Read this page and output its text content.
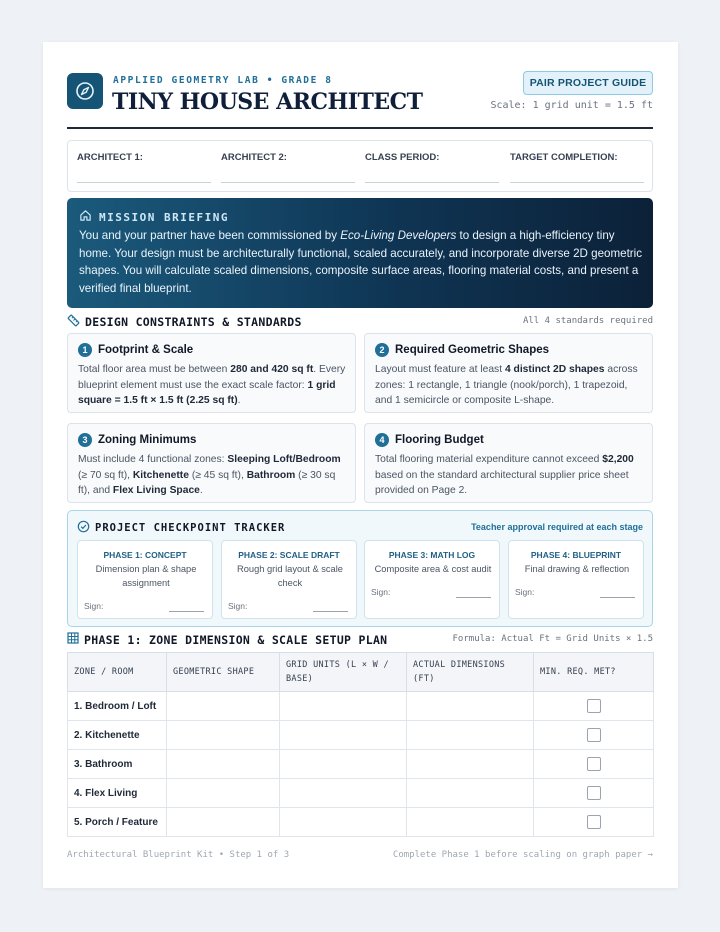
APPLIED GEOMETRY LAB • GRADE 8
TINY HOUSE ARCHITECT
PAIR PROJECT GUIDE
Scale: 1 grid unit = 1.5 ft
ARCHITECT 1:	ARCHITECT 2:	CLASS PERIOD:	TARGET COMPLETION:
MISSION BRIEFING
You and your partner have been commissioned by Eco-Living Developers to design a high-efficiency tiny home. Your design must be architecturally functional, scaled accurately, and incorporate diverse 2D geometric shapes. You will calculate scaled dimensions, composite surface areas, flooring material costs, and present a verified final blueprint.
DESIGN CONSTRAINTS & STANDARDS	All 4 standards required
1 Footprint & Scale
Total floor area must be between 280 and 420 sq ft. Every blueprint element must use the exact scale factor: 1 grid square = 1.5 ft × 1.5 ft (2.25 sq ft).
2 Required Geometric Shapes
Layout must feature at least 4 distinct 2D shapes across zones: 1 rectangle, 1 triangle (nook/porch), 1 trapezoid, and 1 semicircle or composite L-shape.
3 Zoning Minimums
Must include 4 functional zones: Sleeping Loft/Bedroom (≥ 70 sq ft), Kitchenette (≥ 45 sq ft), Bathroom (≥ 30 sq ft), and Flex Living Space.
4 Flooring Budget
Total flooring material expenditure cannot exceed $2,200 based on the standard architectural supplier price sheet provided on Page 2.
PROJECT CHECKPOINT TRACKER	Teacher approval required at each stage
PHASE 1: CONCEPT
Dimension plan & shape assignment
Sign:
PHASE 2: SCALE DRAFT
Rough grid layout & scale check
Sign:
PHASE 3: MATH LOG
Composite area & cost audit
Sign:
PHASE 4: BLUEPRINT
Final drawing & reflection
Sign:
PHASE 1: ZONE DIMENSION & SCALE SETUP PLAN	Formula: Actual Ft = Grid Units × 1.5
ZONE / ROOM	GEOMETRIC SHAPE	GRID UNITS (L × W / BASE)	ACTUAL DIMENSIONS (FT)	MIN. REQ. MET?
1. Bedroom / Loft				

2. Kitchenette				

3. Bathroom				

4. Flex Living				

5. Porch / Feature				
Architectural Blueprint Kit • Step 1 of 3	Complete Phase 1 before scaling on graph paper →
